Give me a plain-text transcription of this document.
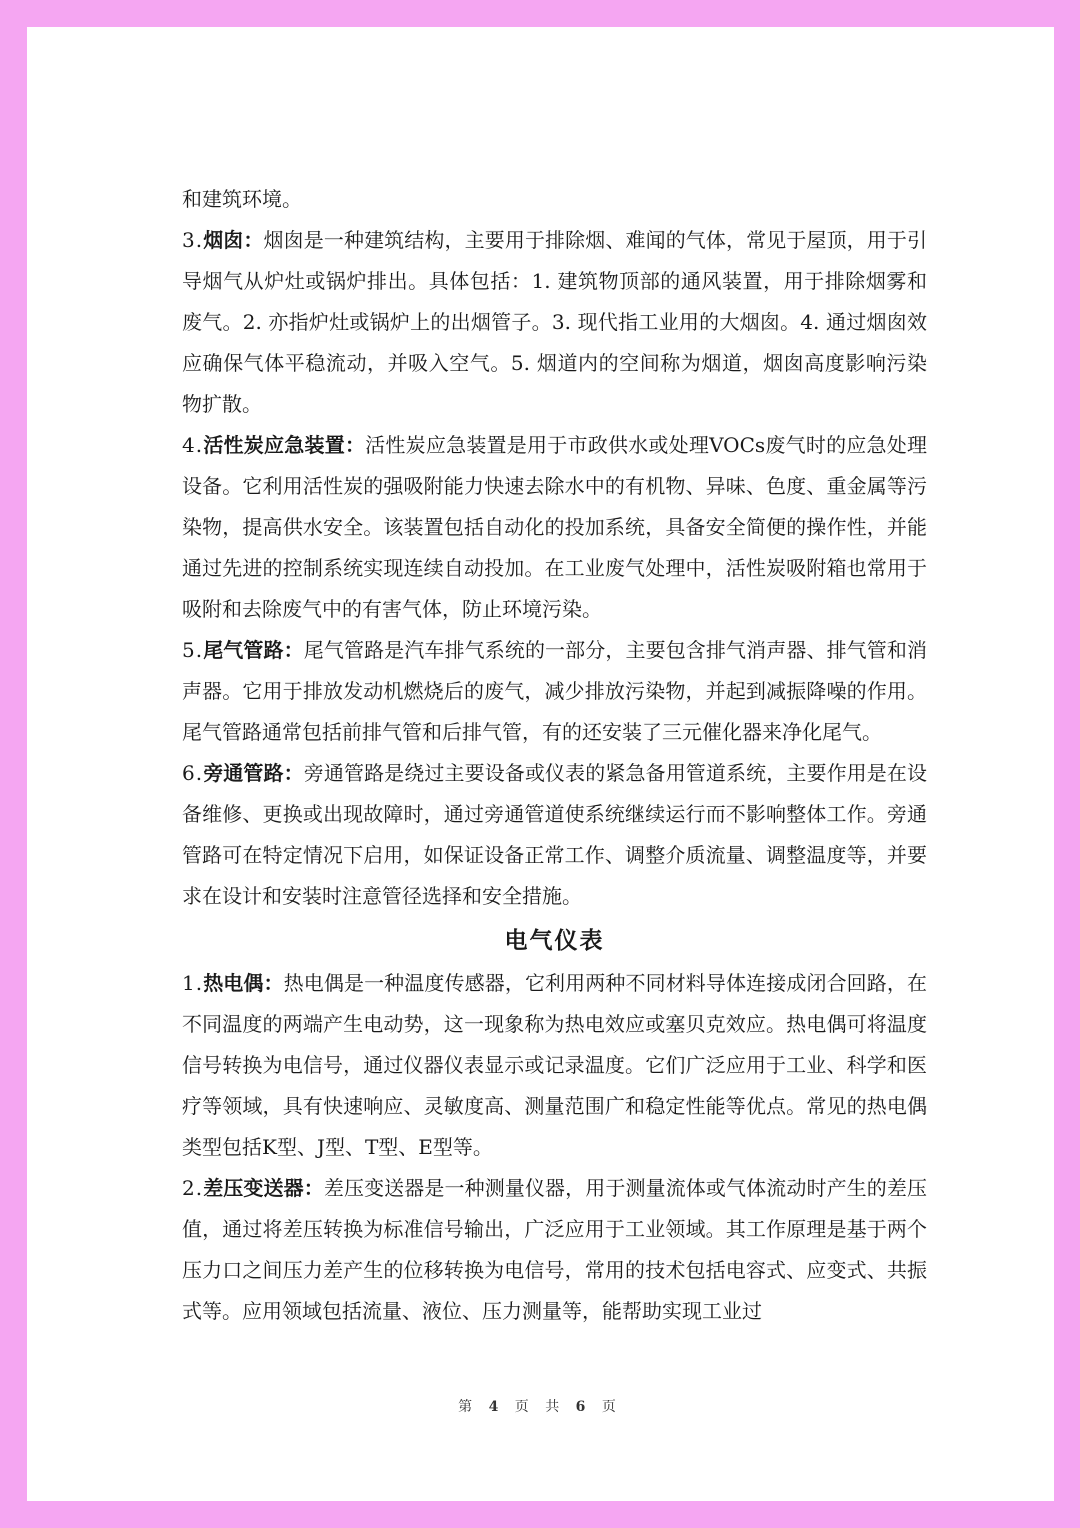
和建筑环境。

3.烟囱：烟囱是一种建筑结构，主要用于排除烟、难闻的气体，常见于屋顶，用于引导烟气从炉灶或锅炉排出。具体包括：1. 建筑物顶部的通风装置，用于排除烟雾和废气。2. 亦指炉灶或锅炉上的出烟管子。3. 现代指工业用的大烟囱。4. 通过烟囱效应确保气体平稳流动，并吸入空气。5. 烟道内的空间称为烟道，烟囱高度影响污染物扩散。

4.活性炭应急装置：活性炭应急装置是用于市政供水或处理VOCs废气时的应急处理设备。它利用活性炭的强吸附能力快速去除水中的有机物、异味、色度、重金属等污染物，提高供水安全。该装置包括自动化的投加系统，具备安全简便的操作性，并能通过先进的控制系统实现连续自动投加。在工业废气处理中，活性炭吸附箱也常用于吸附和去除废气中的有害气体，防止环境污染。

5.尾气管路：尾气管路是汽车排气系统的一部分，主要包含排气消声器、排气管和消声器。它用于排放发动机燃烧后的废气，减少排放污染物，并起到减振降噪的作用。尾气管路通常包括前排气管和后排气管，有的还安装了三元催化器来净化尾气。

6.旁通管路：旁通管路是绕过主要设备或仪表的紧急备用管道系统，主要作用是在设备维修、更换或出现故障时，通过旁通管道使系统继续运行而不影响整体工作。旁通管路可在特定情况下启用，如保证设备正常工作、调整介质流量、调整温度等，并要求在设计和安装时注意管径选择和安全措施。

电气仪表

1.热电偶：热电偶是一种温度传感器，它利用两种不同材料导体连接成闭合回路，在不同温度的两端产生电动势，这一现象称为热电效应或塞贝克效应。热电偶可将温度信号转换为电信号，通过仪器仪表显示或记录温度。它们广泛应用于工业、科学和医疗等领域，具有快速响应、灵敏度高、测量范围广和稳定性能等优点。常见的热电偶类型包括K型、J型、T型、E型等。

2.差压变送器：差压变送器是一种测量仪器，用于测量流体或气体流动时产生的差压值，通过将差压转换为标准信号输出，广泛应用于工业领域。其工作原理是基于两个压力口之间压力差产生的位移转换为电信号，常用的技术包括电容式、应变式、共振式等。应用领域包括流量、液位、压力测量等，能帮助实现工业过

第 4 页 共 6 页
